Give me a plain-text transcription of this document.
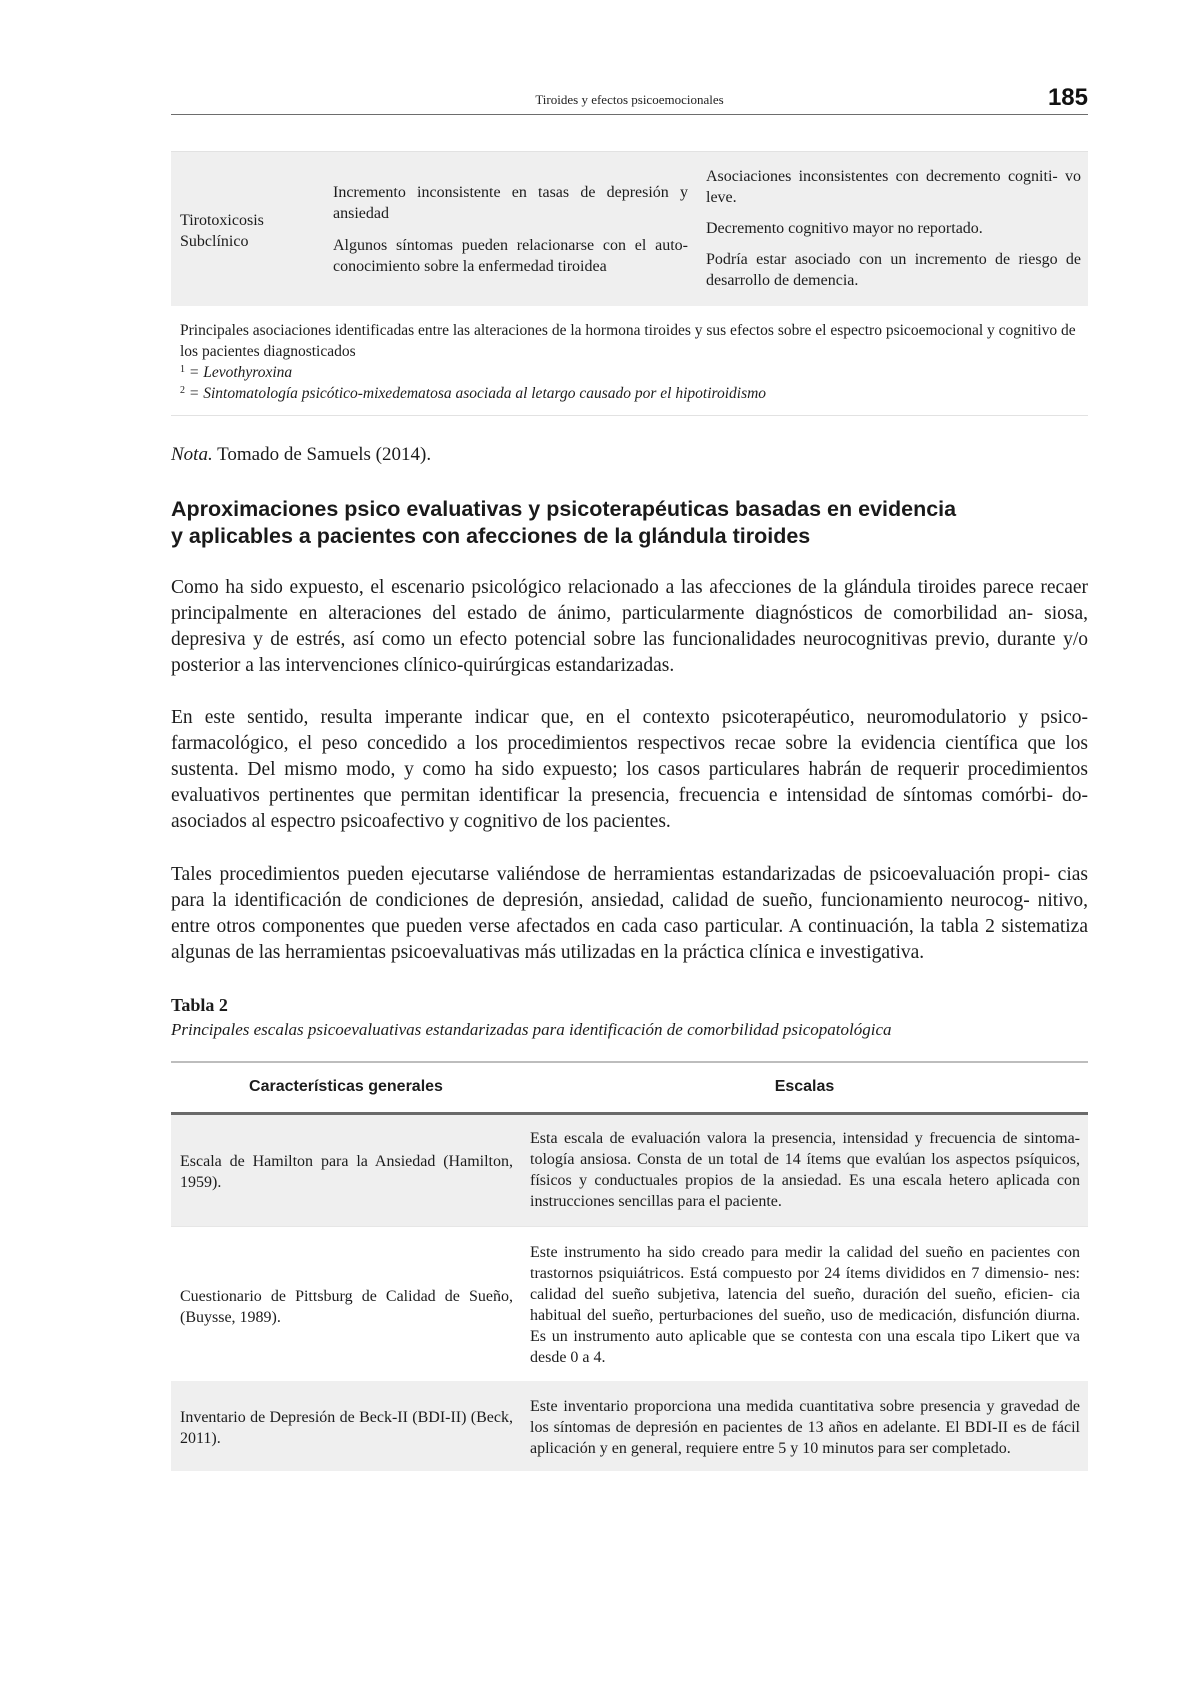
Tiroides y efectos psicoemocionales	185
Tirotoxicosis
Subclínico

Incremento inconsistente en tasas de depresión y ansiedad

Algunos síntomas pueden relacionarse con el auto- conocimiento sobre la enfermedad tiroidea

Asociaciones inconsistentes con decremento cogniti- vo leve.

Decremento cognitivo mayor no reportado.

Podría estar asociado con un incremento de riesgo de desarrollo de demencia.

Principales asociaciones identificadas entre las alteraciones de la hormona tiroides y sus efectos sobre el espectro psicoemocional y cognitivo de los pacientes diagnosticados
$^1$ = Levothyroxina
$^2$ = Sintomatología psicótico-mixedematosa asociada al letargo causado por el hipotiroidismo
Nota. Tomado de Samuels (2014).
Aproximaciones psico evaluativas y psicoterapéuticas basadas en evidencia
y aplicables a pacientes con afecciones de la glándula tiroides

Como ha sido expuesto, el escenario psicológico relacionado a las afecciones de la glándula tiroides parece recaer principalmente en alteraciones del estado de ánimo, particularmente diagnósticos de comorbilidad an- siosa, depresiva y de estrés, así como un efecto potencial sobre las funcionalidades neurocognitivas previo, durante y/o posterior a las intervenciones clínico-quirúrgicas estandarizadas.

En este sentido, resulta imperante indicar que, en el contexto psicoterapéutico, neuromodulatorio y psico- farmacológico, el peso concedido a los procedimientos respectivos recae sobre la evidencia científica que los sustenta. Del mismo modo, y como ha sido expuesto; los casos particulares habrán de requerir procedimientos evaluativos pertinentes que permitan identificar la presencia, frecuencia e intensidad de síntomas comórbi- do-asociados al espectro psicoafectivo y cognitivo de los pacientes.

Tales procedimientos pueden ejecutarse valiéndose de herramientas estandarizadas de psicoevaluación propi- cias para la identificación de condiciones de depresión, ansiedad, calidad de sueño, funcionamiento neurocog- nitivo, entre otros componentes que pueden verse afectados en cada caso particular. A continuación, la tabla 2 sistematiza algunas de las herramientas psicoevaluativas más utilizadas en la práctica clínica e investigativa.

Tabla 2
Principales escalas psicoevaluativas estandarizadas para identificación de comorbilidad psicopatológica
Características generales	Escalas
Escala de Hamilton para la Ansiedad (Hamilton, 1959).
Esta escala de evaluación valora la presencia, intensidad y frecuencia de sintoma- tología ansiosa. Consta de un total de 14 ítems que evalúan los aspectos psíquicos, físicos y conductuales propios de la ansiedad. Es una escala hetero aplicada con instrucciones sencillas para el paciente.
Cuestionario de Pittsburg de Calidad de Sueño, (Buysse, 1989).
Este instrumento ha sido creado para medir la calidad del sueño en pacientes con trastornos psiquiátricos. Está compuesto por 24 ítems divididos en 7 dimensio- nes: calidad del sueño subjetiva, latencia del sueño, duración del sueño, eficien- cia habitual del sueño, perturbaciones del sueño, uso de medicación, disfunción diurna. Es un instrumento auto aplicable que se contesta con una escala tipo Likert que va desde 0 a 4.
Inventario de Depresión de Beck-II (BDI-II) (Beck, 2011).
Este inventario proporciona una medida cuantitativa sobre presencia y gravedad de los síntomas de depresión en pacientes de 13 años en adelante. El BDI-II es de fácil aplicación y en general, requiere entre 5 y 10 minutos para ser completado.
